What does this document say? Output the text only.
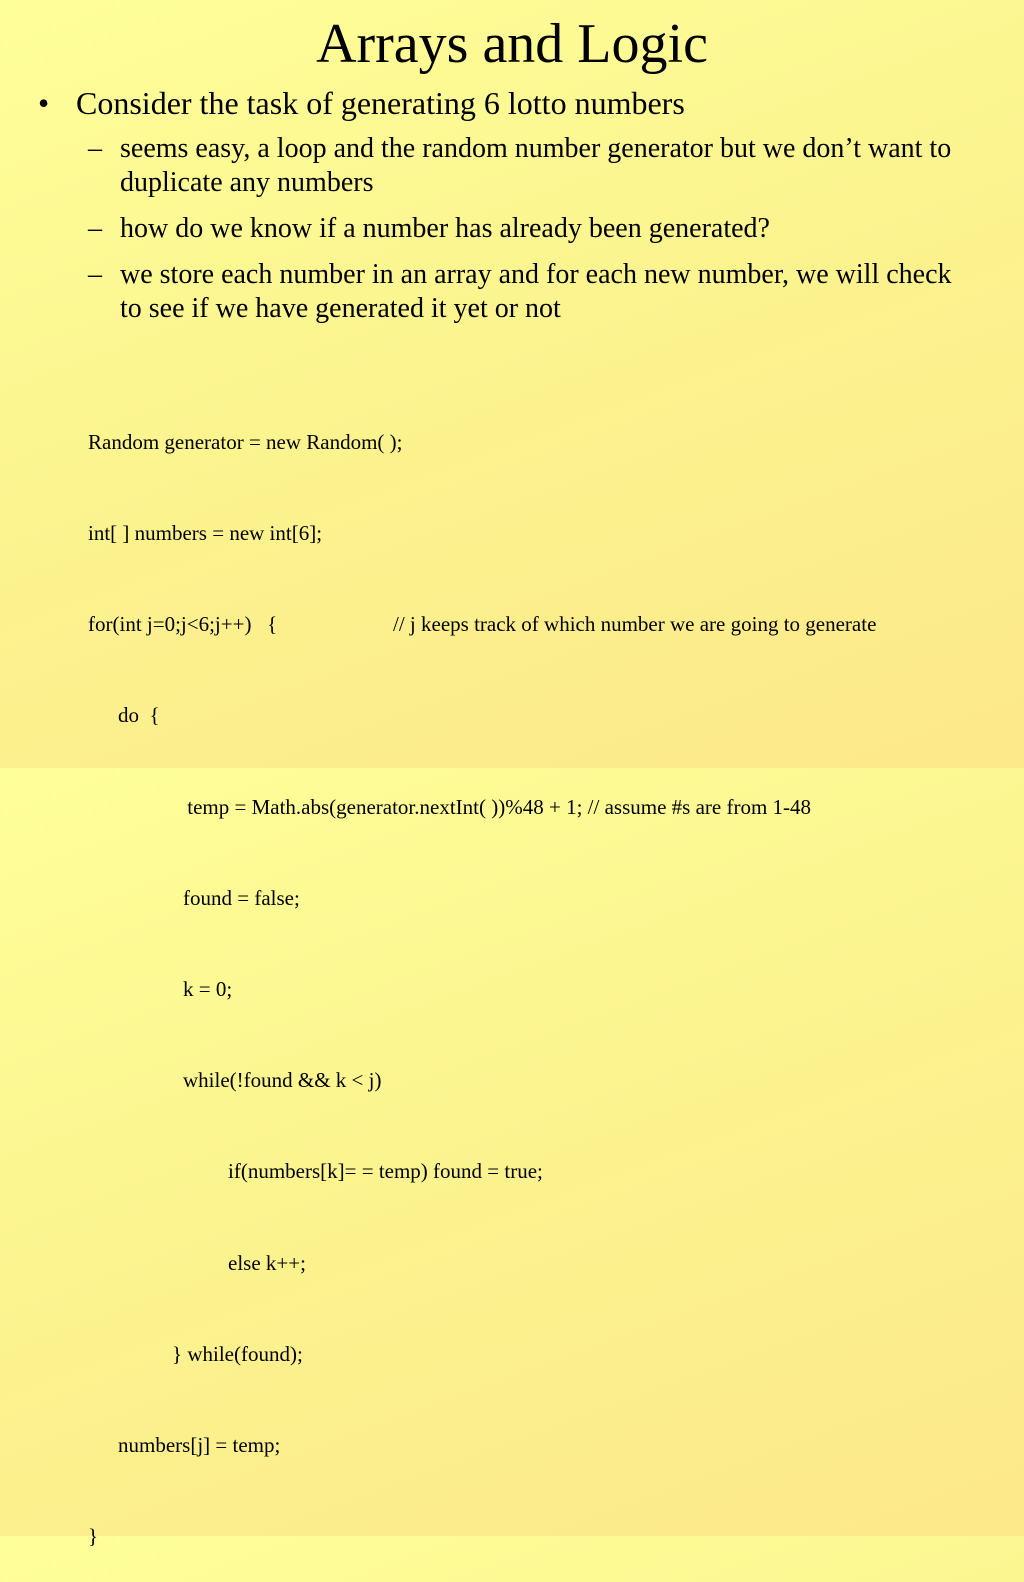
Arrays and Logic
• Consider the task of generating 6 lotto numbers
– seems easy, a loop and the random number generator but we don’t want to duplicate any numbers
– how do we know if a number has already been generated?
– we store each number in an array and for each new number, we will check to see if we have generated it yet or not

Random generator = new Random( );

int[ ] numbers = new int[6];

for(int j=0;j<6;j++)   {	// j keeps track of which number we are going to generate

do  {

temp = Math.abs(generator.nextInt( ))%48 + 1; // assume #s are from 1-48

found = false;

k = 0;

while(!found && k < j)

if(numbers[k]= = temp) found = true;

else k++;

} while(found);

numbers[j] = temp;

}
